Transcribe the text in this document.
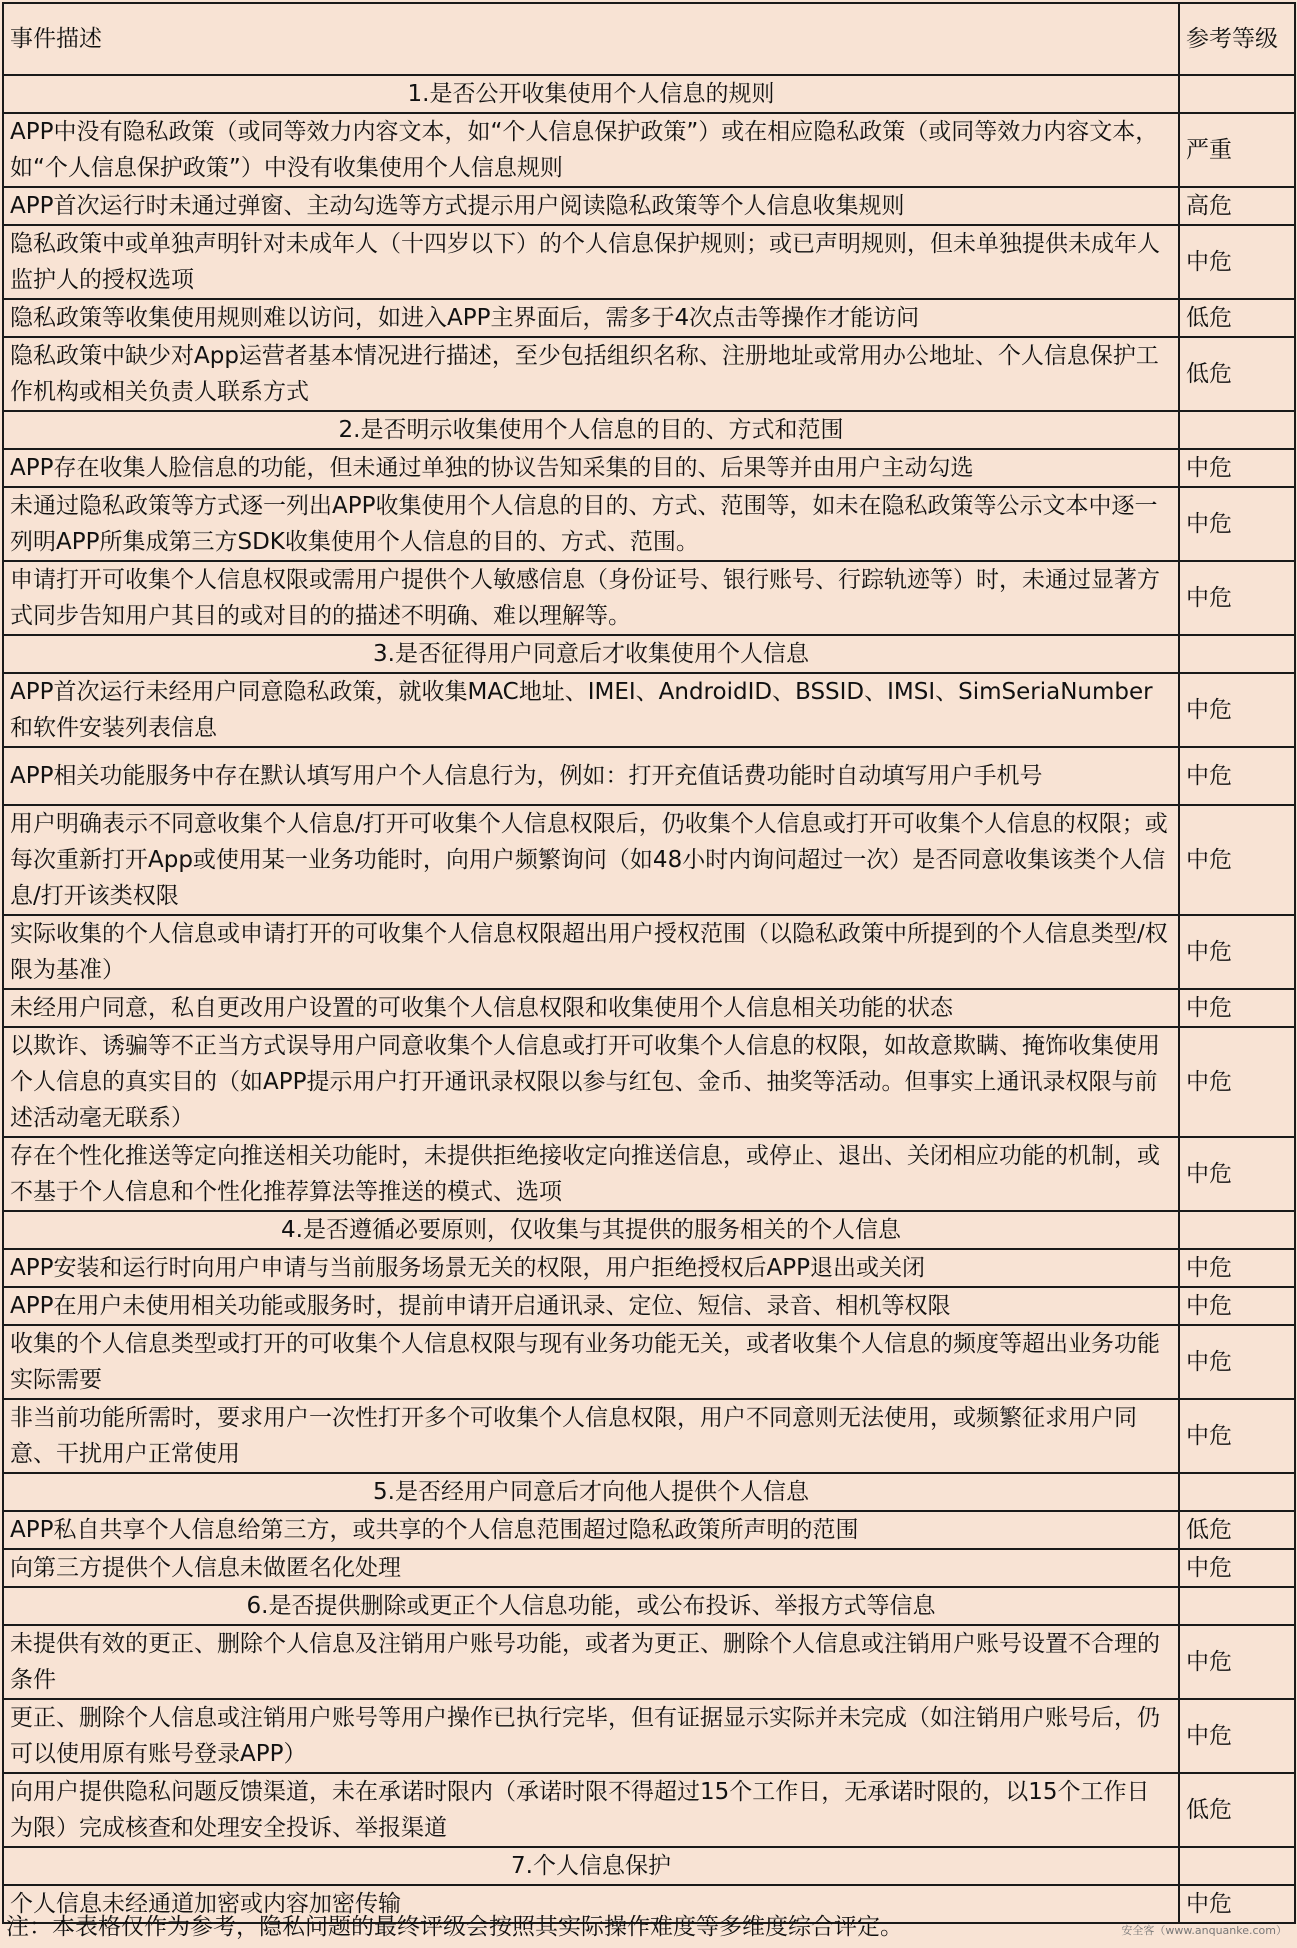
事件描述	参考等级
1.是否公开收集使用个人信息的规则	
APP中没有隐私政策（或同等效力内容文本，如“个人信息保护政策”）或在相应隐私政策（或同等效力内容文本，如“个人信息保护政策”）中没有收集使用个人信息规则	严重
APP首次运行时未通过弹窗、主动勾选等方式提示用户阅读隐私政策等个人信息收集规则	高危
隐私政策中或单独声明针对未成年人（十四岁以下）的个人信息保护规则；或已声明规则，但未单独提供未成年人监护人的授权选项	中危
隐私政策等收集使用规则难以访问，如进入APP主界面后，需多于4次点击等操作才能访问	低危
隐私政策中缺少对App运营者基本情况进行描述，至少包括组织名称、注册地址或常用办公地址、个人信息保护工作机构或相关负责人联系方式	低危
2.是否明示收集使用个人信息的目的、方式和范围	
APP存在收集人脸信息的功能，但未通过单独的协议告知采集的目的、后果等并由用户主动勾选	中危
未通过隐私政策等方式逐一列出APP收集使用个人信息的目的、方式、范围等，如未在隐私政策等公示文本中逐一列明APP所集成第三方SDK收集使用个人信息的目的、方式、范围。	中危
申请打开可收集个人信息权限或需用户提供个人敏感信息（身份证号、银行账号、行踪轨迹等）时，未通过显著方式同步告知用户其目的或对目的的描述不明确、难以理解等。	中危
3.是否征得用户同意后才收集使用个人信息	
APP首次运行未经用户同意隐私政策，就收集MAC地址、IMEI、AndroidID、BSSID、IMSI、SimSeriaNumber和软件安装列表信息	中危
APP相关功能服务中存在默认填写用户个人信息行为，例如：打开充值话费功能时自动填写用户手机号	中危
用户明确表示不同意收集个人信息/打开可收集个人信息权限后，仍收集个人信息或打开可收集个人信息的权限；或每次重新打开App或使用某一业务功能时，向用户频繁询问（如48小时内询问超过一次）是否同意收集该类个人信息/打开该类权限	中危
实际收集的个人信息或申请打开的可收集个人信息权限超出用户授权范围（以隐私政策中所提到的个人信息类型/权限为基准）	中危
未经用户同意，私自更改用户设置的可收集个人信息权限和收集使用个人信息相关功能的状态	中危
以欺诈、诱骗等不正当方式误导用户同意收集个人信息或打开可收集个人信息的权限，如故意欺瞒、掩饰收集使用个人信息的真实目的（如APP提示用户打开通讯录权限以参与红包、金币、抽奖等活动。但事实上通讯录权限与前述活动毫无联系）	中危
存在个性化推送等定向推送相关功能时，未提供拒绝接收定向推送信息，或停止、退出、关闭相应功能的机制，或不基于个人信息和个性化推荐算法等推送的模式、选项	中危
4.是否遵循必要原则，仅收集与其提供的服务相关的个人信息	
APP安装和运行时向用户申请与当前服务场景无关的权限，用户拒绝授权后APP退出或关闭	中危
APP在用户未使用相关功能或服务时，提前申请开启通讯录、定位、短信、录音、相机等权限	中危
收集的个人信息类型或打开的可收集个人信息权限与现有业务功能无关，或者收集个人信息的频度等超出业务功能实际需要	中危
非当前功能所需时，要求用户一次性打开多个可收集个人信息权限，用户不同意则无法使用，或频繁征求用户同意、干扰用户正常使用	中危
5.是否经用户同意后才向他人提供个人信息	
APP私自共享个人信息给第三方，或共享的个人信息范围超过隐私政策所声明的范围	低危
向第三方提供个人信息未做匿名化处理	中危
6.是否提供删除或更正个人信息功能，或公布投诉、举报方式等信息	
未提供有效的更正、删除个人信息及注销用户账号功能，或者为更正、删除个人信息或注销用户账号设置不合理的条件	中危
更正、删除个人信息或注销用户账号等用户操作已执行完毕，但有证据显示实际并未完成（如注销用户账号后，仍可以使用原有账号登录APP）	中危
向用户提供隐私问题反馈渠道，未在承诺时限内（承诺时限不得超过15个工作日，无承诺时限的，以15个工作日为限）完成核查和处理安全投诉、举报渠道	低危
7.个人信息保护	
个人信息未经通道加密或内容加密传输	中危
注：本表格仅作为参考，隐私问题的最终评级会按照其实际操作难度等多维度综合评定。	安全客（www.anquanke.com）
